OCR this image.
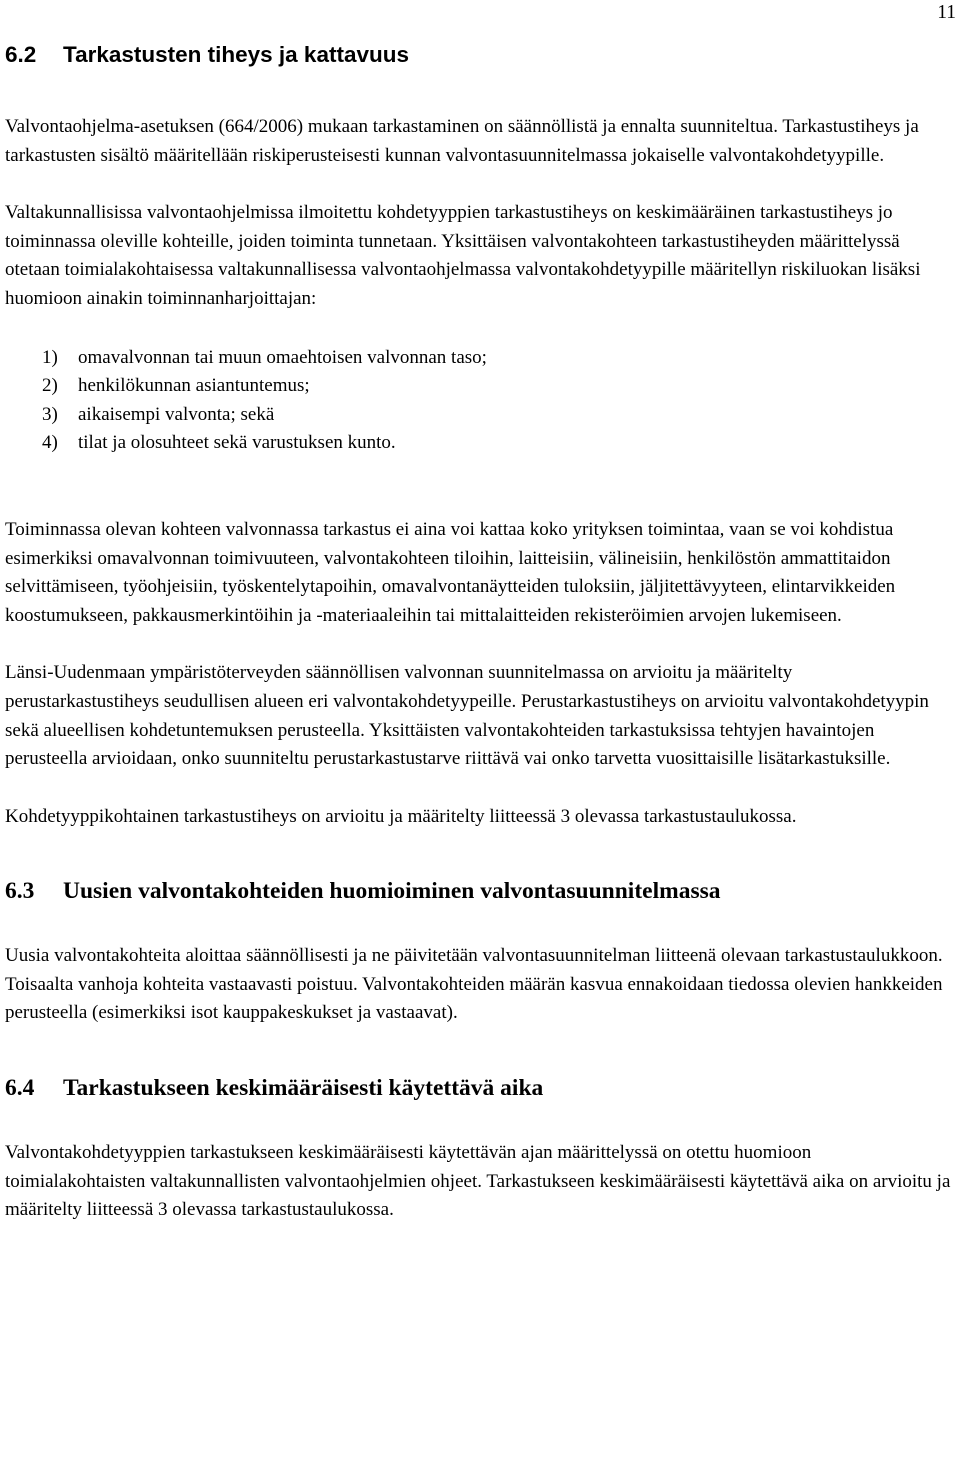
11
6.2 Tarkastusten tiheys ja kattavuus

Valvontaohjelma-asetuksen (664/2006) mukaan tarkastaminen on säännöllistä ja ennalta suunniteltua. Tarkastustiheys ja tarkastusten sisältö määritellään riskiperusteisesti kunnan valvontasuunnitelmassa jokaiselle valvontakohdetyypille.

Valtakunnallisissa valvontaohjelmissa ilmoitettu kohdetyyppien tarkastustiheys on keskimääräinen tarkastustiheys jo toiminnassa oleville kohteille, joiden toiminta tunnetaan. Yksittäisen valvontakohteen tarkastustiheyden määrittelyssä otetaan toimialakohtaisessa valtakunnallisessa valvontaohjelmassa valvontakohdetyypille määritellyn riskiluokan lisäksi huomioon ainakin toiminnanharjoittajan:

1) omavalvonnan tai muun omaehtoisen valvonnan taso;
2) henkilökunnan asiantuntemus;
3) aikaisempi valvonta; sekä
4) tilat ja olosuhteet sekä varustuksen kunto.

Toiminnassa olevan kohteen valvonnassa tarkastus ei aina voi kattaa koko yrityksen toimintaa, vaan se voi kohdistua esimerkiksi omavalvonnan toimivuuteen, valvontakohteen tiloihin, laitteisiin, välineisiin, henkilöstön ammattitaidon selvittämiseen, työohjeisiin, työskentelytapoihin, omavalvontanäytteiden tuloksiin, jäljitettävyyteen, elintarvikkeiden koostumukseen, pakkausmerkintöihin ja -materiaaleihin tai mittalaitteiden rekisteröimien arvojen lukemiseen.

Länsi-Uudenmaan ympäristöterveyden säännöllisen valvonnan suunnitelmassa on arvioitu ja määritelty perustarkastustiheys seudullisen alueen eri valvontakohdetyypeille. Perustarkastustiheys on arvioitu valvontakohdetyypin sekä alueellisen kohdetuntemuksen perusteella. Yksittäisten valvontakohteiden tarkastuksissa tehtyjen havaintojen perusteella arvioidaan, onko suunniteltu perustarkastustarve riittävä vai onko tarvetta vuosittaisille lisätarkastuksille.

Kohdetyyppikohtainen tarkastustiheys on arvioitu ja määritelty liitteessä 3 olevassa tarkastustaulukossa.

6.3 Uusien valvontakohteiden huomioiminen valvontasuunnitelmassa

Uusia valvontakohteita aloittaa säännöllisesti ja ne päivitetään valvontasuunnitelman liitteenä olevaan tarkastustaulukkoon. Toisaalta vanhoja kohteita vastaavasti poistuu. Valvontakohteiden määrän kasvua ennakoidaan tiedossa olevien hankkeiden perusteella (esimerkiksi isot kauppakeskukset ja vastaavat).

6.4 Tarkastukseen keskimääräisesti käytettävä aika

Valvontakohdetyyppien tarkastukseen keskimääräisesti käytettävän ajan määrittelyssä on otettu huomioon toimialakohtaisten valtakunnallisten valvontaohjelmien ohjeet. Tarkastukseen keskimääräisesti käytettävä aika on arvioitu ja määritelty liitteessä 3 olevassa tarkastustaulukossa.
